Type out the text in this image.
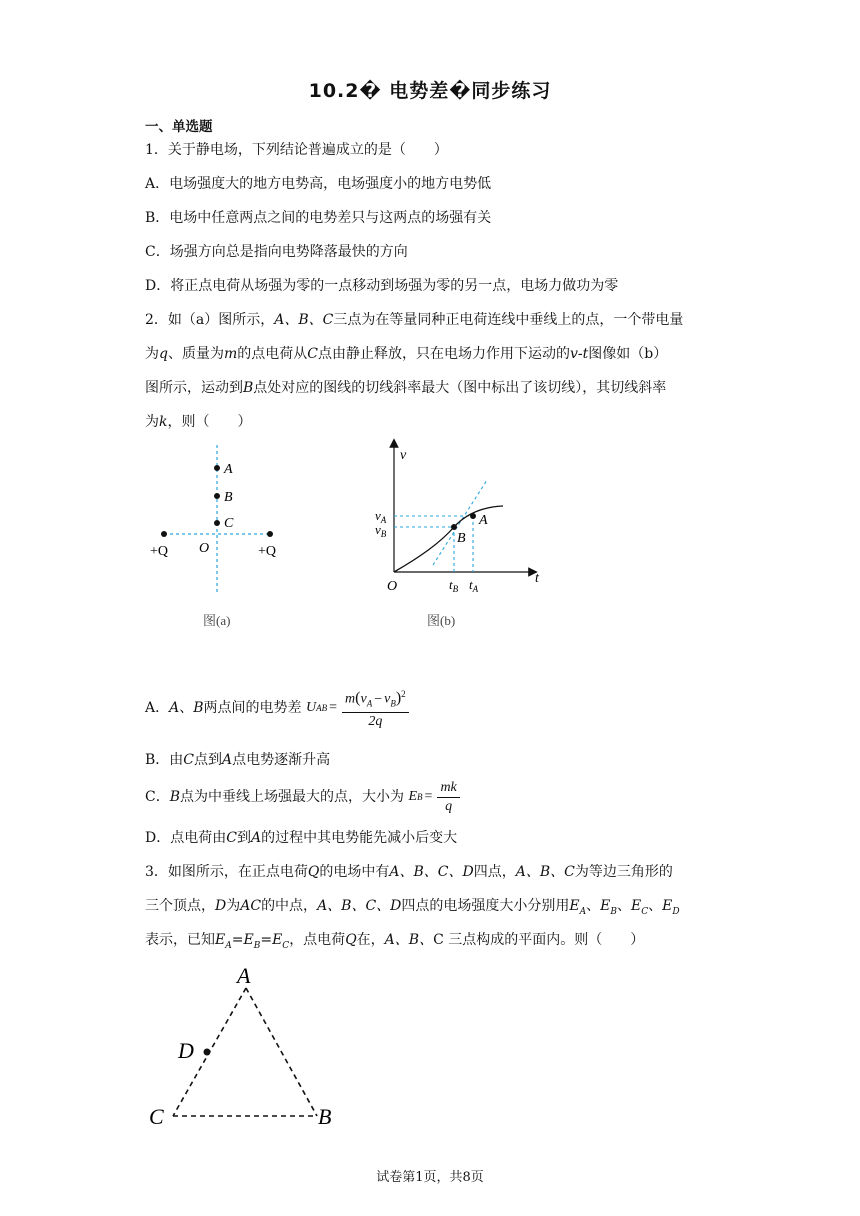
10.2� 电势差�同步练习
一、单选题
1．关于静电场，下列结论普遍成立的是（　　）
A．电场强度大的地方电势高，电场强度小的地方电势低
B．电场中任意两点之间的电势差只与这两点的场强有关
C．场强方向总是指向电势降落最快的方向
D．将正点电荷从场强为零的一点移动到场强为零的另一点，电场力做功为零
2．如（a）图所示，A、B、C三点为在等量同种正电荷连线中垂线上的点，一个带电量
为q、质量为m的点电荷从C点由静止释放，只在电场力作用下运动的v-t图像如（b）
图所示，运动到B点处对应的图线的切线斜率最大（图中标出了该切线），其切线斜率
为k，则（　　）
A
B
C
O
+Q	+Q
图(a)
v
$v_A$
$v_B$
A
B
O	$t_B$ $t_A$
t
图(b)
A．A、B两点间的电势差 U AB = $\frac{m(v_A - v_B)^2}{2q}$
B．由C点到A点电势逐渐升高
C．B点为中垂线上场强最大的点，大小为 E $B = \frac{mk}{q}$
D．点电荷由C到A的过程中其电势能先减小后变大
3．如图所示，在正点电荷Q的电场中有A、B、C、D四点，A、B、C为等边三角形的
三个顶点，D为AC的中点，A、B、C、D四点的电场强度大小分别用$E_A$、$E_B$、$E_C$、$E_D$
表示，已知$E_A=E_B=E_C$，点电荷Q在，A、B、C 三点构成的平面内。则（　　）
A
D
C	B
试卷第1页，共8页
